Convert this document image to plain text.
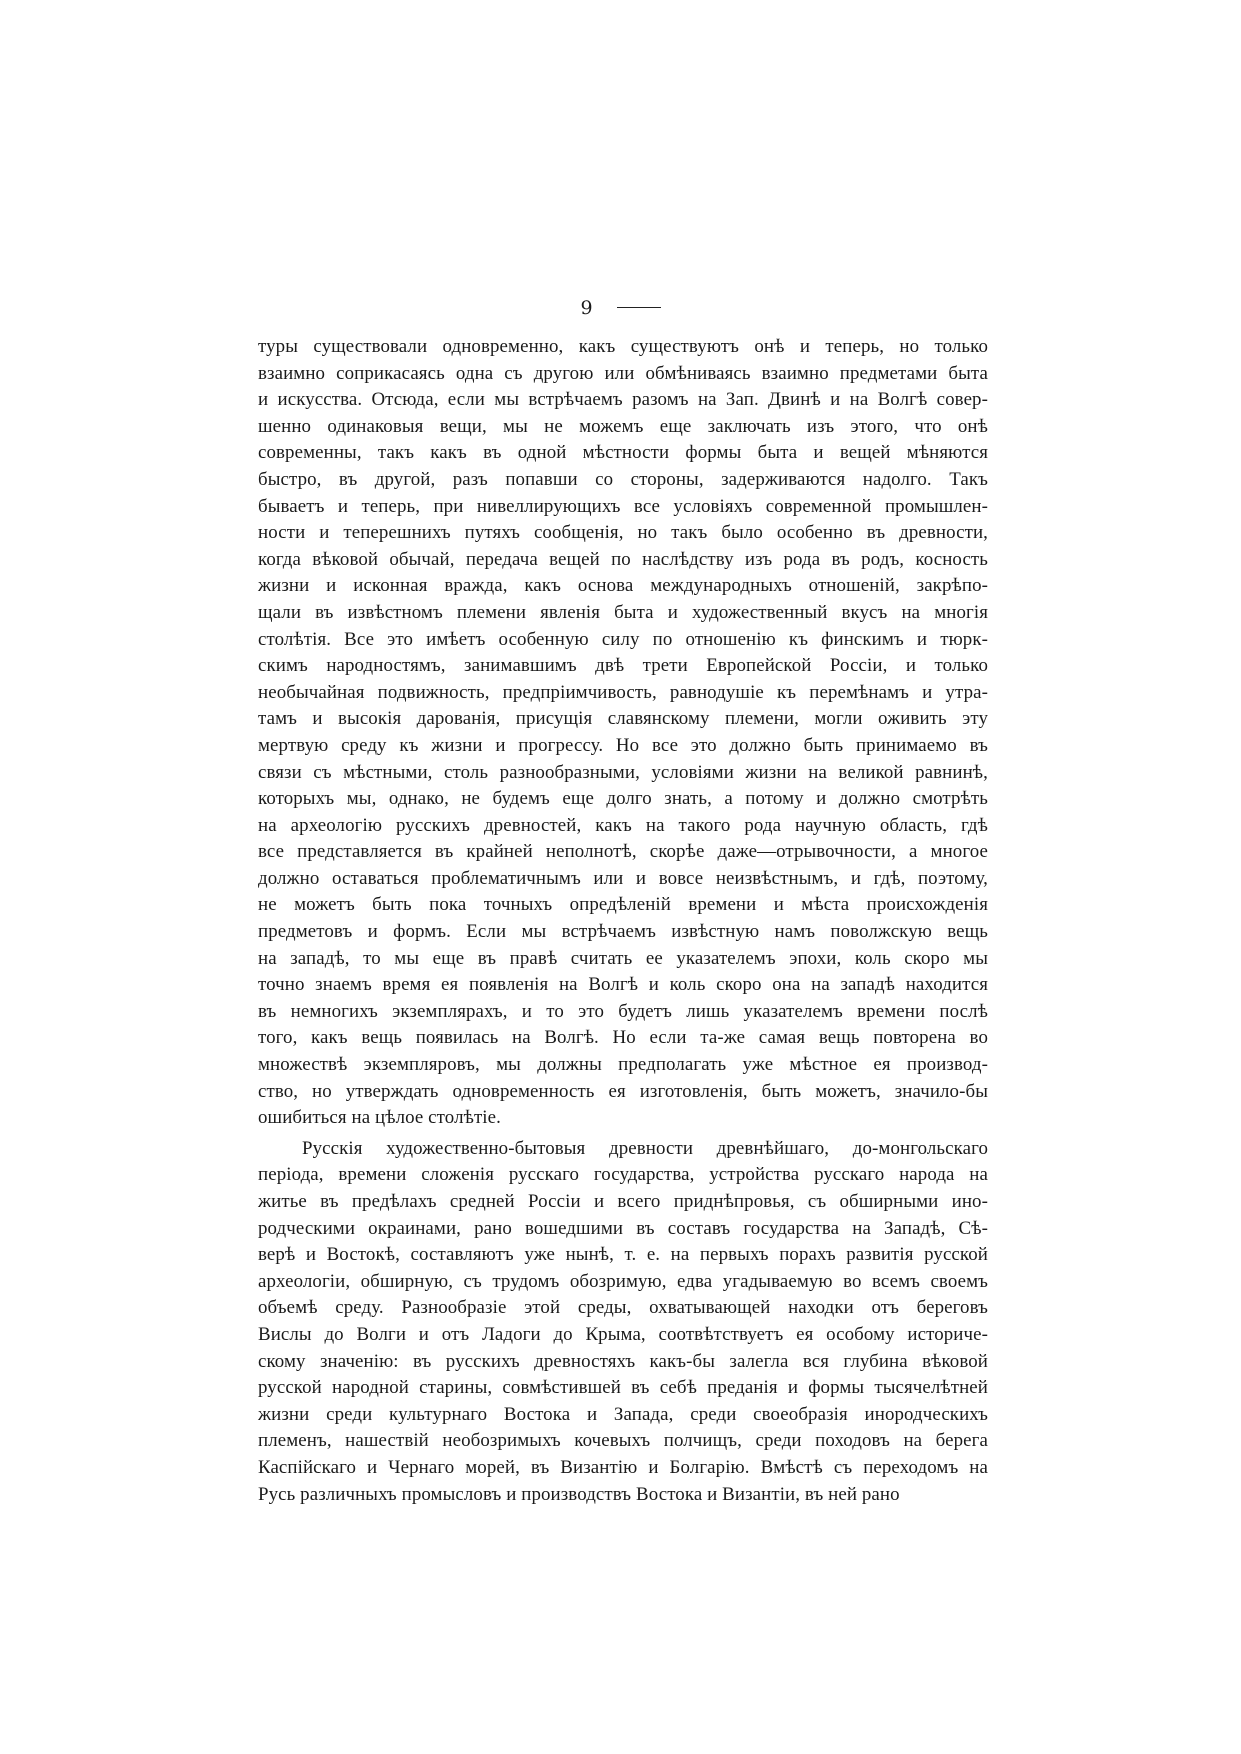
9
туры существовали одновременно, какъ существуютъ онѣ и теперь, но только
взаимно соприкасаясь одна съ другою или обмѣниваясь взаимно предметами быта
и искусства. Отсюда, если мы встрѣчаемъ разомъ на Зап. Двинѣ и на Волгѣ совер-
шенно одинаковыя вещи, мы не можемъ еще заключать изъ этого, что онѣ
современны, такъ какъ въ одной мѣстности формы быта и вещей мѣняются
быстро, въ другой, разъ попавши со стороны, задерживаются надолго. Такъ
бываетъ и теперь, при нивеллирующихъ все условіяхъ современной промышлен-
ности и теперешнихъ путяхъ сообщенія, но такъ было особенно въ древности,
когда вѣковой обычай, передача вещей по наслѣдству изъ рода въ родъ, косность
жизни и исконная вражда, какъ основа международныхъ отношеній, закрѣпо-
щали въ извѣстномъ племени явленія быта и художественный вкусъ на многія
столѣтія. Все это имѣетъ особенную силу по отношенію къ финскимъ и тюрк-
скимъ народностямъ, занимавшимъ двѣ трети Европейской Россіи, и только
необычайная подвижность, предпріимчивость, равнодушіе къ перемѣнамъ и утра-
тамъ и высокія дарованія, присущія славянскому племени, могли оживить эту
мертвую среду къ жизни и прогрессу. Но все это должно быть принимаемо въ
связи съ мѣстными, столь разнообразными, условіями жизни на великой равнинѣ,
которыхъ мы, однако, не будемъ еще долго знать, а потому и должно смотрѣть
на археологію русскихъ древностей, какъ на такого рода научную область, гдѣ
все представляется въ крайней неполнотѣ, скорѣе даже—отрывочности, а многое
должно оставаться проблематичнымъ или и вовсе неизвѣстнымъ, и гдѣ, поэтому,
не можетъ быть пока точныхъ опредѣленій времени и мѣста происхожденія
предметовъ и формъ. Если мы встрѣчаемъ извѣстную намъ поволжскую вещь
на западѣ, то мы еще въ правѣ считать ее указателемъ эпохи, коль скоро мы
точно знаемъ время ея появленія на Волгѣ и коль скоро она на западѣ находится
въ немногихъ экземплярахъ, и то это будетъ лишь указателемъ времени послѣ
того, какъ вещь появилась на Волгѣ. Но если та-же самая вещь повторена во
множествѣ экземпляровъ, мы должны предполагать уже мѣстное ея производ-
ство, но утверждать одновременность ея изготовленія, быть можетъ, значило-бы
ошибиться на цѣлое столѣтіе.
Русскія художественно-бытовыя древности древнѣйшаго, до-монгольскаго
періода, времени сложенія русскаго государства, устройства русскаго народа на
житье въ предѣлахъ средней Россіи и всего приднѣпровья, съ обширными ино-
родческими окраинами, рано вошедшими въ составъ государства на Западѣ, Сѣ-
верѣ и Востокѣ, составляютъ уже нынѣ, т. е. на первыхъ порахъ развитія русской
археологіи, обширную, съ трудомъ обозримую, едва угадываемую во всемъ своемъ
объемѣ среду. Разнообразіе этой среды, охватывающей находки отъ береговъ
Вислы до Волги и отъ Ладоги до Крыма, соотвѣтствуетъ ея особому историче-
скому значенію: въ русскихъ древностяхъ какъ-бы залегла вся глубина вѣковой
русской народной старины, совмѣстившей въ себѣ преданія и формы тысячелѣтней
жизни среди культурнаго Востока и Запада, среди своеобразія инородческихъ
племенъ, нашествій необозримыхъ кочевыхъ полчищъ, среди походовъ на берега
Каспійскаго и Чернаго морей, въ Византію и Болгарію. Вмѣстѣ съ переходомъ на
Русь различныхъ промысловъ и производствъ Востока и Византіи, въ ней рано
